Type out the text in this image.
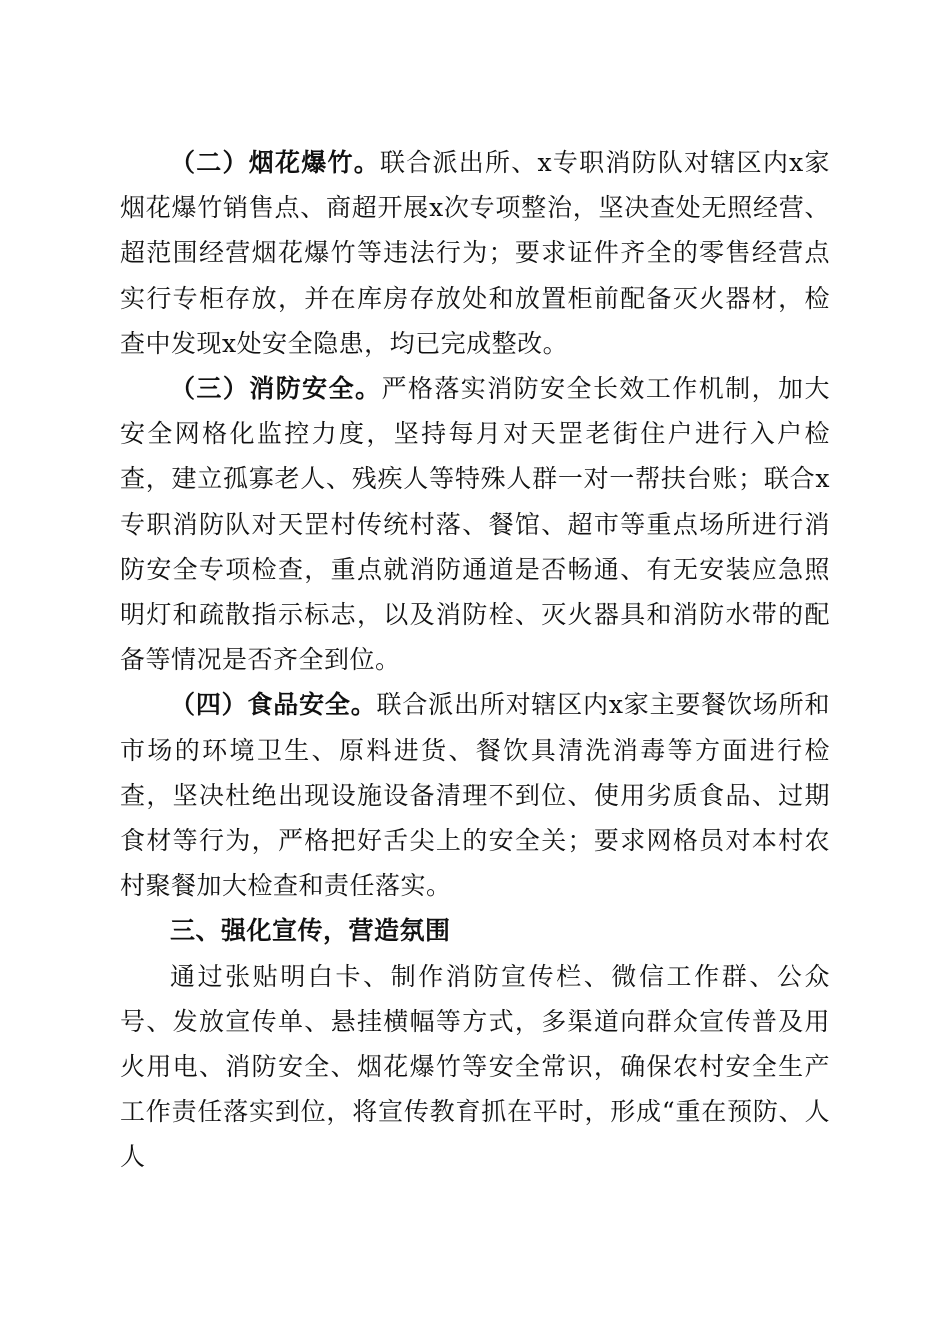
（二）烟花爆竹。联合派出所、x专职消防队对辖区内x家烟花爆竹销售点、商超开展x次专项整治，坚决查处无照经营、超范围经营烟花爆竹等违法行为；要求证件齐全的零售经营点实行专柜存放，并在库房存放处和放置柜前配备灭火器材，检查中发现x处安全隐患，均已完成整改。

（三）消防安全。严格落实消防安全长效工作机制，加大安全网格化监控力度，坚持每月对天罡老街住户进行入户检查，建立孤寡老人、残疾人等特殊人群一对一帮扶台账；联合x专职消防队对天罡村传统村落、餐馆、超市等重点场所进行消防安全专项检查，重点就消防通道是否畅通、有无安装应急照明灯和疏散指示标志，以及消防栓、灭火器具和消防水带的配备等情况是否齐全到位。

（四）食品安全。联合派出所对辖区内x家主要餐饮场所和市场的环境卫生、原料进货、餐饮具清洗消毒等方面进行检查，坚决杜绝出现设施设备清理不到位、使用劣质食品、过期食材等行为，严格把好舌尖上的安全关；要求网格员对本村农村聚餐加大检查和责任落实。

三、强化宣传，营造氛围

通过张贴明白卡、制作消防宣传栏、微信工作群、公众号、发放宣传单、悬挂横幅等方式，多渠道向群众宣传普及用火用电、消防安全、烟花爆竹等安全常识，确保农村安全生产工作责任落实到位，将宣传教育抓在平时，形成“重在预防、人人
